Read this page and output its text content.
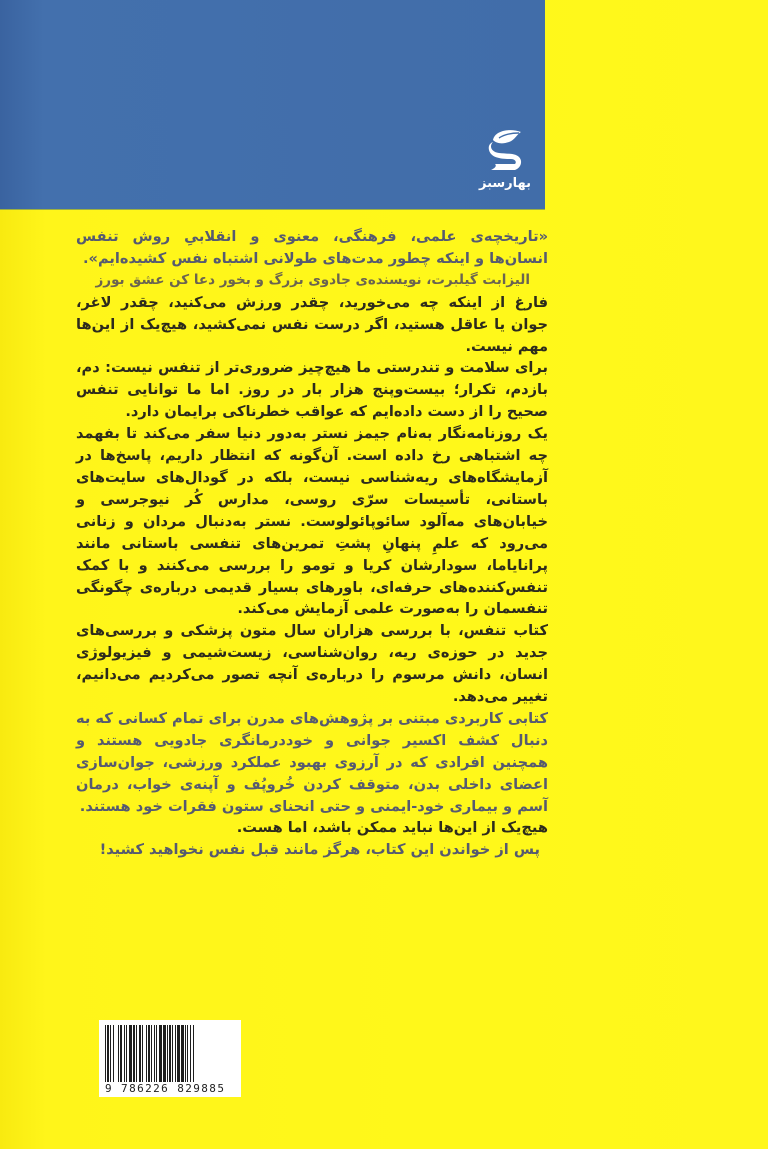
بهارسبز

«تاریخچه‌ی علمی، فرهنگی، معنوی و انقلابیِ روش تنفس انسان‌ها و اینکه چطور مدت‌های طولانی اشتباه نفس کشیده‌ایم».

الیزابت گیلبرت، نویسنده‌ی جادوی بزرگ و بخور دعا کن عشق بورز

فارغ از اینکه چه می‌خورید، چقدر ورزش می‌کنید، چقدر لاغر، جوان یا عاقل هستید، اگر درست نفس نمی‌کشید، هیچ‌یک از این‌ها مهم نیست.

برای سلامت و تندرستی ما هیچ‌چیز ضروری‌تر از تنفس نیست: دم، بازدم، تکرار؛ بیست‌وپنج هزار بار در روز. اما ما توانایی تنفس صحیح را از دست داده‌ایم که عواقب خطرناکی برایمان دارد.

یک روزنامه‌نگار به‌نام جیمز نستر به‌دور دنیا سفر می‌کند تا بفهمد چه اشتباهی رخ داده است. آن‌گونه که انتظار داریم، پاسخ‌ها در آزمایشگاه‌های ریه‌شناسی نیست، بلکه در گودال‌های سایت‌های باستانی، تأسیسات سرّی روسی، مدارس کُر نیوجرسی و خیابان‌های مه‌آلود سائوپائولوست. نستر به‌دنبال مردان و زنانی می‌رود که علمِ پنهانِ پشتِ تمرین‌های تنفسی باستانی مانند پرانایاما، سودارشان کریا و تومو را بررسی می‌کنند و با کمک تنفس‌کننده‌های حرفه‌ای، باورهای بسیار قدیمی درباره‌ی چگونگی تنفسمان را به‌صورت علمی آزمایش می‌کند.

کتاب تنفس، با بررسی هزاران سال متون پزشکی و بررسی‌های جدید در حوزه‌ی ریه، روان‌شناسی، زیست‌شیمی و فیزیولوژی انسان، دانش مرسوم را درباره‌ی آنچه تصور می‌کردیم می‌دانیم، تغییر می‌دهد.

کتابی کاربردی مبتنی بر پژوهش‌های مدرن برای تمام کسانی که به دنبال کشف اکسیر جوانی و خوددرمانگری جادویی هستند و همچنین افرادی که در آرزوی بهبود عملکرد ورزشی، جوان‌سازی اعضای داخلی بدن، متوقف کردن خُروپُف و آپنه‌ی خواب، درمان آسم و بیماری خود-ایمنی و حتی انحنای ستون فقرات خود هستند.

هیچ‌یک از این‌ها نباید ممکن باشد، اما هست.

پس از خواندن این کتاب، هرگز مانند قبل نفس نخواهید کشید!

9 786226 829885
